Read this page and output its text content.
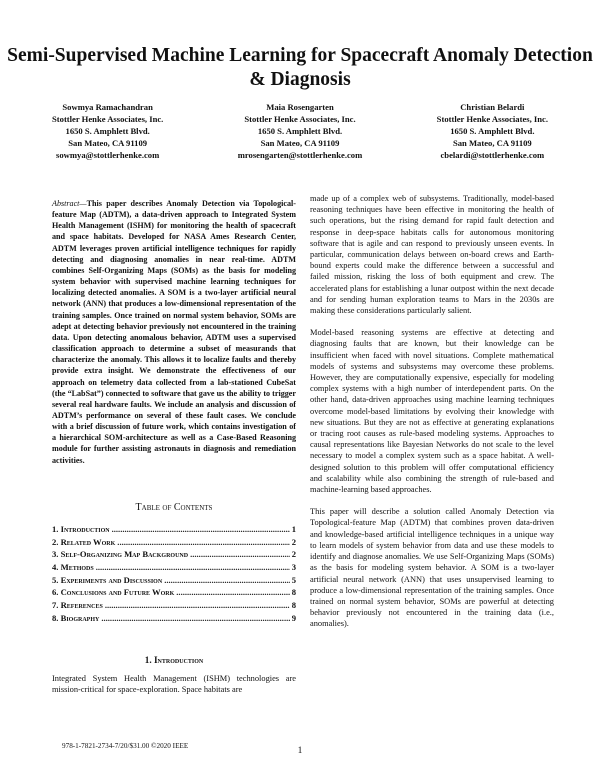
Semi-Supervised Machine Learning for Spacecraft Anomaly Detection & Diagnosis
Sowmya Ramachandran
Stottler Henke Associates, Inc.
1650 S. Amphlett Blvd.
San Mateo, CA 91109
sowmya@stottlerhenke.com
Maia Rosengarten
Stottler Henke Associates, Inc.
1650 S. Amphlett Blvd.
San Mateo, CA 91109
mrosengarten@stottlerhenke.com
Christian Belardi
Stottler Henke Associates, Inc.
1650 S. Amphlett Blvd.
San Mateo, CA 91109
cbelardi@stottlerhenke.com

Abstract—This paper describes Anomaly Detection via Topological-feature Map (ADTM), a data-driven approach to Integrated System Health Management (ISHM) for monitoring the health of spacecraft and space habitats. Developed for NASA Ames Research Center, ADTM leverages proven artificial intelligence techniques for rapidly detecting and diagnosing anomalies in near real-time. ADTM combines Self-Organizing Maps (SOMs) as the basis for modeling system behavior with supervised machine learning techniques for localizing detected anomalies. A SOM is a two-layer artificial neural network (ANN) that produces a low-dimensional representation of the training samples. Once trained on normal system behavior, SOMs are adept at detecting behavior previously not encountered in the training data. Upon detecting anomalous behavior, ADTM uses a supervised classification approach to determine a subset of measurands that characterize the anomaly. This allows it to localize faults and thereby provide extra insight. We demonstrate the effectiveness of our approach on telemetry data collected from a lab-stationed CubeSat (the “LabSat”) connected to software that gave us the ability to trigger several real hardware faults. We include an analysis and discussion of ADTM’s performance on several of these fault cases. We conclude with a brief discussion of future work, which contains investigation of a hierarchical SOM-architecture as well as a Case-Based Reasoning module for further assisting astronauts in diagnosis and remediation activities.

Table of Contents
1. Introduction .....	1
2. Related Work .....	2
3. Self-Organizing Map Background .....	2
4. Methods .....	3
5. Experiments and Discussion .....	5
6. Conclusions and Future Work .....	8
7. References .....	8
8. Biography .....	9
1. Introduction

Integrated System Health Management (ISHM) technologies are mission-critical for space-exploration. Space habitats are

made up of a complex web of subsystems. Traditionally, model-based reasoning techniques have been effective in monitoring the health of such operations, but the rising demand for rapid fault detection and response in deep-space habitats calls for autonomous monitoring software that is agile and can respond to previously unseen events. In particular, communication delays between on-board crews and Earth-bound experts could make the difference between a successful and failed mission, risking the loss of both equipment and crew. The accelerated plans for establishing a lunar outpost within the next decade and for sending human exploration teams to Mars in the 2030s are making these considerations particularly salient.

Model-based reasoning systems are effective at detecting and diagnosing faults that are known, but their knowledge can be insufficient when faced with novel situations. Complete mathematical models of systems and subsystems may overcome these problems. However, they are computationally expensive, especially for modeling complex systems with a high number of interdependent parts. On the other hand, data-driven approaches using machine learning techniques overcome model-based limitations by evolving their knowledge with new situations. But they are not as effective at generating explanations or tracing root causes as rule-based modeling systems. Approaches to causal representations like Bayesian Networks do not scale to the level necessary to model a complex system such as a space habitat. A well-designed solution to this problem will offer computational efficiency and scalability while also combining the strength of rule-based and machine-learning based approaches.

This paper will describe a solution called Anomaly Detection via Topological-feature Map (ADTM) that combines proven data-driven and knowledge-based artificial intelligence techniques in a unique way to learn models of system behavior from data and use these models to identify and diagnose anomalies. We use Self-Organizing Maps (SOMs) as the basis for modeling system behavior. A SOM is a two-layer artificial neural network (ANN) that uses unsupervised learning to produce a low-dimensional representation of the training samples. Once trained on normal system behavior, SOMs are powerful at detecting behavior previously not encountered in the training data (i.e., anomalies).

978-1-7821-2734-7/20/$31.00 ©2020 IEEE	1
